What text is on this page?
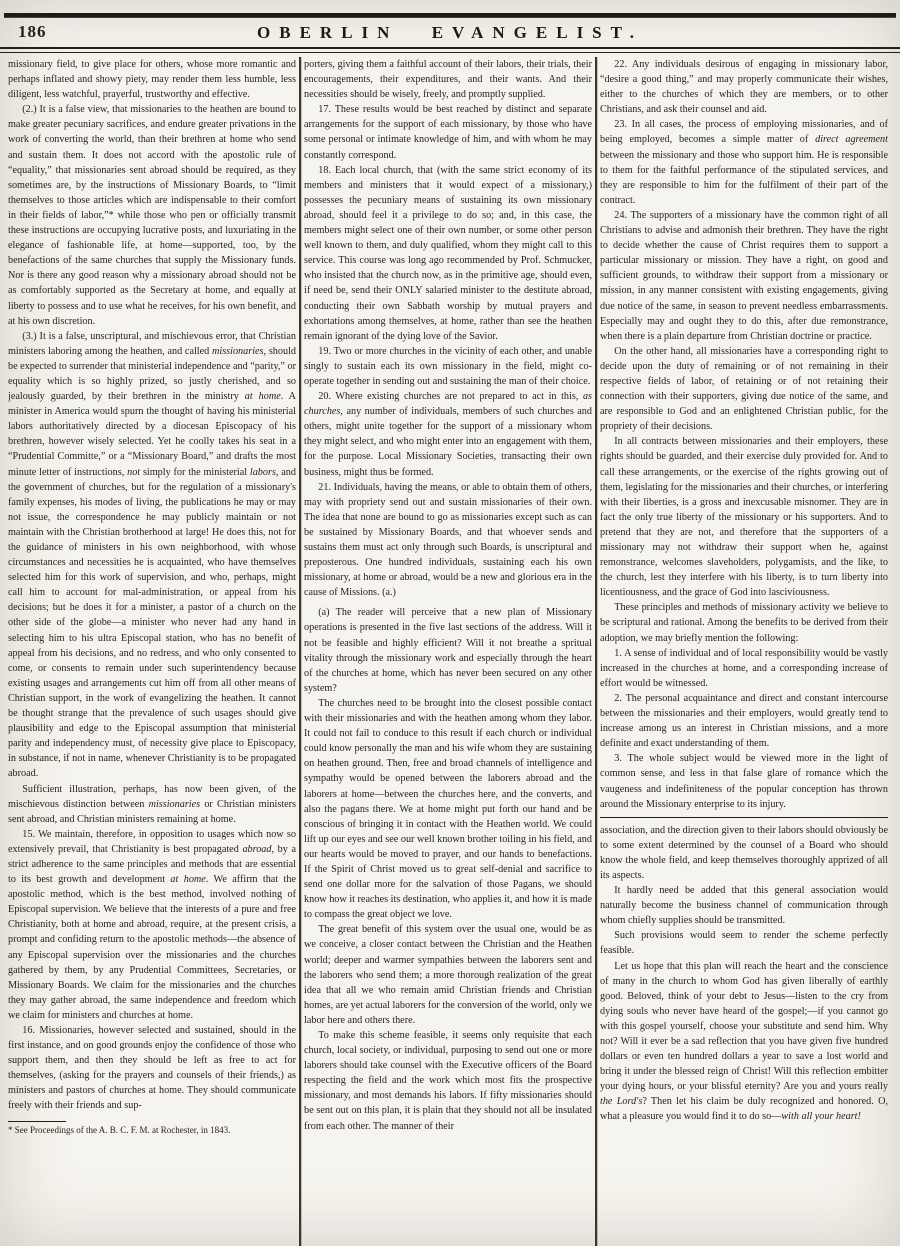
186	OBERLIN EVANGELIST.

missionary field, to give place for others, whose more romantic and perhaps inflated and showy piety, may render them less humble, less diligent, less watchful, prayerful, trustworthy and effective.

(2.) It is a false view, that missionaries to the heathen are bound to make greater pecuniary sacrifices, and endure greater privations in the work of converting the world, than their brethren at home who send and sustain them. It does not accord with the apostolic rule of “equality,” that missionaries sent abroad should be required, as they sometimes are, by the instructions of Missionary Boards, to “limit themselves to those articles which are indispensable to their comfort in their fields of labor,”* while those who pen or officially transmit these instructions are occupying lucrative posts, and luxuriating in the elegance of fashionable life, at home—supported, too, by the benefactions of the same churches that supply the Missionary funds. Nor is there any good reason why a missionary abroad should not be as comfortably supported as the Secretary at home, and equally at liberty to possess and to use what he receives, for his own benefit, and at his own discretion.

(3.) It is a false, unscriptural, and mischievous error, that Christian ministers laboring among the heathen, and called missionaries, should be expected to surrender that ministerial independence and “parity,” or equality which is so highly prized, so justly cherished, and so jealously guarded, by their brethren in the ministry at home. A minister in America would spurn the thought of having his ministerial labors authoritatively directed by a diocesan Episcopacy of his brethren, however wisely selected. Yet he coolly takes his seat in a “Prudential Committe,” or a “Missionary Board,” and drafts the most minute letter of instructions, not simply for the ministerial labors, and the government of churches, but for the regulation of a missionary's family expenses, his modes of living, the publications he may or may not issue, the correspondence he may publicly maintain or not maintain with the Christian brotherhood at large! He does this, not for the guidance of ministers in his own neighborhood, with whose circumstances and necessities he is acquainted, who have themselves selected him for this work of supervision, and who, perhaps, might call him to account for mal-administration, or appeal from his decisions; but he does it for a minister, a pastor of a church on the other side of the globe—a minister who never had any hand in selecting him to his ultra Episcopal station, who has no benefit of appeal from his decisions, and no redress, and who only consented to come, or consents to remain under such superintendency because existing usages and arrangements cut him off from all other means of Christian support, in the work of evangelizing the heathen. It cannot be thought strange that the prevalence of such usages should give plausibility and edge to the Episcopal assumption that ministerial parity and independency must, of necessity give place to Episcopacy, in substance, if not in name, whenever Christianity is to be propagated abroad.

Sufficient illustration, perhaps, has now been given, of the mischievous distinction between missionaries or Christian ministers sent abroad, and Christian ministers remaining at home.

15. We maintain, therefore, in opposition to usages which now so extensively prevail, that Christianity is best propagated abroad, by a strict adherence to the same principles and methods that are essential to its best growth and development at home. We affirm that the apostolic method, which is the best method, involved nothing of Episcopal supervision. We believe that the interests of a pure and free Christianity, both at home and abroad, require, at the present crisis, a prompt and confiding return to the apostolic methods—the absence of any Episcopal supervision over the missionaries and the churches gathered by them, by any Prudential Committees, Secretaries, or Missionary Boards. We claim for the missionaries and the churches they may gather abroad, the same independence and freedom which we claim for ministers and churches at home.

16. Missionaries, however selected and sustained, should in the first instance, and on good grounds enjoy the confidence of those who support them, and then they should be left as free to act for themselves, (asking for the prayers and counsels of their friends,) as ministers and pastors of churches at home. They should communicate freely with their friends and sup-

* See Proceedings of the A. B. C. F. M. at Rochester, in 1843.

porters, giving them a faithful account of their labors, their trials, their encouragements, their expenditures, and their wants. And their necessities should be wisely, freely, and promptly supplied.

17. These results would be best reached by distinct and separate arrangements for the support of each missionary, by those who have some personal or intimate knowledge of him, and with whom he may constantly correspond.

18. Each local church, that (with the same strict economy of its members and ministers that it would expect of a missionary,) possesses the pecuniary means of sustaining its own missionary abroad, should feel it a privilege to do so; and, in this case, the members might select one of their own number, or some other person well known to them, and duly qualified, whom they might call to this service. This course was long ago recommended by Prof. Schmucker, who insisted that the church now, as in the primitive age, should even, if need be, send their ONLY salaried minister to the destitute abroad, conducting their own Sabbath worship by mutual prayers and exhortations among themselves, at home, rather than see the heathen remain ignorant of the dying love of the Savior.

19. Two or more churches in the vicinity of each other, and unable singly to sustain each its own missionary in the field, might co-operate together in sending out and sustaining the man of their choice.

20. Where existing churches are not prepared to act in this, as churches, any number of individuals, members of such churches and others, might unite together for the support of a missionary whom they might select, and who might enter into an engagement with them, for the purpose. Local Missionary Societies, transacting their own business, might thus be formed.

21. Individuals, having the means, or able to obtain them of others, may with propriety send out and sustain missionaries of their own. The idea that none are bound to go as missionaries except such as can be sustained by Missionary Boards, and that whoever sends and sustains them must act only through such Boards, is unscriptural and preposterous. One hundred individuals, sustaining each his own missionary, at home or abroad, would be a new and glorious era in the cause of Missions. (a.)

(a) The reader will perceive that a new plan of Missionary operations is presented in the five last sections of the address. Will it not be feasible and highly efficient? Will it not breathe a spritual vitality through the missionary work and especially through the heart of the churches at home, which has never been secured on any other system?

The churches need to be brought into the closest possible contact with their missionaries and with the heathen among whom they labor. It could not fail to conduce to this result if each church or individual could know personally the man and his wife whom they are sustaining on heathen ground. Then, free and broad channels of intelligence and sympathy would be opened between the laborers abroad and the laborers at home—between the churches here, and the converts, and also the pagans there. We at home might put forth our hand and be conscious of bringing it in contact with the Heathen world. We could lift up our eyes and see our well known brother toiling in his field, and our hearts would be moved to prayer, and our hands to benefactions. If the Spirit of Christ moved us to great self-denial and sacrifice to send one dollar more for the salvation of those Pagans, we should know how it reaches its destination, who applies it, and how it is made to compass the great object we love.

The great benefit of this system over the usual one, would be as we conceive, a closer contact between the Christian and the Heathen world; deeper and warmer sympathies between the laborers sent and the laborers who send them; a more thorough realization of the great idea that all we who remain amid Christian friends and Christian homes, are yet actual laborers for the conversion of the world, only we labor here and others there.

To make this scheme feasible, it seems only requisite that each church, local society, or individual, purposing to send out one or more laborers should take counsel with the Executive officers of the Board respecting the field and the work which most fits the prospective missionary, and most demands his labors. If fifty missionaries should be sent out on this plan, it is plain that they should not all be insulated from each other. The manner of their

22. Any individuals desirous of engaging in missionary labor, “desire a good thing,” and may properly communicate their wishes, either to the churches of which they are members, or to other Christians, and ask their counsel and aid.

23. In all cases, the process of employing missionaries, and of being employed, becomes a simple matter of direct agreement between the missionary and those who support him. He is responsible to them for the faithful performance of the stipulated services, and they are responsible to him for the fulfilment of their part of the contract.

24. The supporters of a missionary have the common right of all Christians to advise and admonish their brethren. They have the right to decide whether the cause of Christ requires them to support a particular missionary or mission. They have a right, on good and sufficient grounds, to withdraw their support from a missionary or mission, in any manner consistent with existing engagements, giving due notice of the same, in season to prevent needless embarrassments. Especially may and ought they to do this, after due remonstrance, when there is a plain departure from Christian doctrine or practice.

On the other hand, all missionaries have a corresponding right to decide upon the duty of remaining or of not remaining in their respective fields of labor, of retaining or of not retaining their connection with their supporters, giving due notice of the same, and are responsible to God and an enlightened Christian public, for the propriety of their decisions.

In all contracts between missionaries and their employers, these rights should be guarded, and their exercise duly provided for. And to call these arrangements, or the exercise of the rights growing out of them, legislating for the missionaries and their churches, or interfering with their liberties, is a gross and inexcusable misnomer. They are in fact the only true liberty of the missionary or his supporters. And to pretend that they are not, and therefore that the supporters of a missionary may not withdraw their support when he, against remonstrance, welcomes slaveholders, polygamists, and the like, to the church, lest they interfere with his liberty, is to turn liberty into licentiousness, and the grace of God into lasciviousness.

These principles and methods of missionary activity we believe to be scriptural and rational. Among the benefits to be derived from their adoption, we may briefly mention the following:

1. A sense of individual and of local responsibility would be vastly increased in the churches at home, and a corresponding increase of effort would be witnessed.

2. The personal acquaintance and direct and constant intercourse between the missionaries and their employers, would greatly tend to increase among us an interest in Christian missions, and a more definite and exact understanding of them.

3. The whole subject would be viewed more in the light of common sense, and less in that false glare of romance which the vaugeness and indefiniteness of the popular conception has thrown around the Missionary enterprise to its injury.

association, and the direction given to their labors should obviously be to some extent determined by the counsel of a Board who should know the whole field, and keep themselves thoroughly apprized of all its aspects.

It hardly need be added that this general association would naturally become the business channel of communication through whom chiefly supplies should be transmitted.

Such provisions would seem to render the scheme perfectly feasible.

Let us hope that this plan will reach the heart and the conscience of many in the church to whom God has given liberally of earthly good. Beloved, think of your debt to Jesus—listen to the cry from dying souls who never have heard of the gospel;—if you cannot go with this gospel yourself, choose your substitute and send him. Why not? Will it ever be a sad reflection that you have given five hundred dollars or even ten hundred dollars a year to save a lost world and bring it under the blessed reign of Christ! Will this reflection embitter your dying hours, or your blissful eternity? Are you and yours really the Lord's? Then let his claim be duly recognized and honored. O, what a pleasure you would find it to do so—with all your heart!
